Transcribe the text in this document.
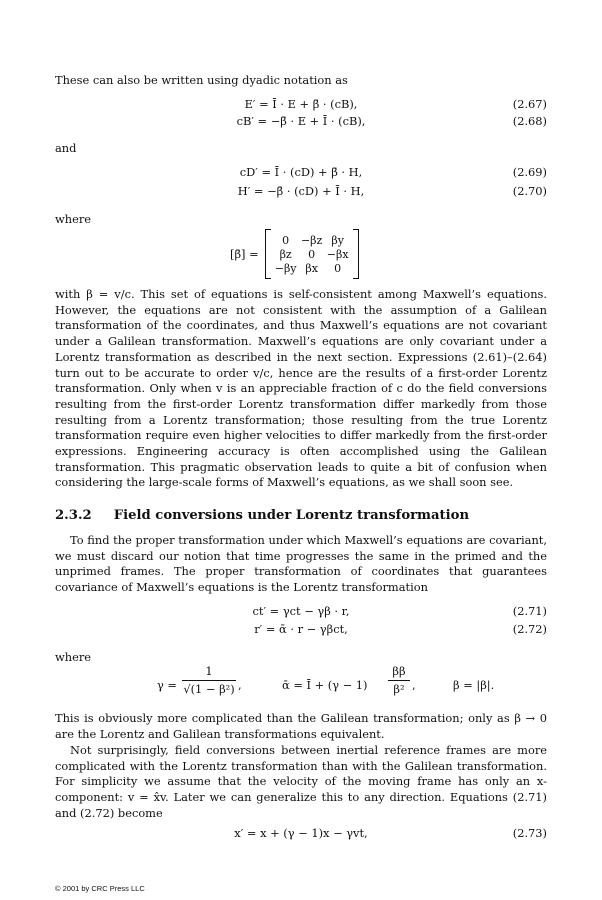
These can also be written using dyadic notation as

E′ = Ī · E + β̄ · (cB),	(2.67)
cB′ = −β̄ · E + Ī · (cB),	(2.68)

and

cD′ = Ī · (cD) + β̄ · H,	(2.69)
H′ = −β̄ · (cD) + Ī · H,	(2.70)

where

[β̄] =
0	−βz βy
βz	0	−βx
−βy βx	0

with β = v/c. This set of equations is self-consistent among Maxwell’s equations. However, the equations are not consistent with the assumption of a Galilean transformation of the coordinates, and thus Maxwell’s equations are not covariant under a Galilean transformation. Maxwell’s equations are only covariant under a Lorentz transformation as described in the next section. Expressions (2.61)–(2.64) turn out to be accurate to order v/c, hence are the results of a first-order Lorentz transformation. Only when v is an appreciable fraction of c do the field conversions resulting from the first-order Lorentz transformation differ markedly from those resulting from a Lorentz transformation; those resulting from the true Lorentz transformation require even higher velocities to differ markedly from the first-order expressions. Engineering accuracy is often accomplished using the Galilean transformation. This pragmatic observation leads to quite a bit of confusion when considering the large-scale forms of Maxwell’s equations, as we shall soon see.

2.3.2 Field conversions under Lorentz transformation

To find the proper transformation under which Maxwell’s equations are covariant, we must discard our notion that time progresses the same in the primed and the unprimed frames. The proper transformation of coordinates that guarantees covariance of Maxwell’s equations is the Lorentz transformation

ct′ = γct − γβ · r,	(2.71)
r′ = ᾱ · r − γβct,	(2.72)

where

γ =
1
√(1 − β²) ,	ᾱ = Ī + (γ − 1)
ββ
β² ,	β = |β|.

This is obviously more complicated than the Galilean transformation; only as β → 0 are the Lorentz and Galilean transformations equivalent.

Not surprisingly, field conversions between inertial reference frames are more complicated with the Lorentz transformation than with the Galilean transformation. For simplicity we assume that the velocity of the moving frame has only an x-component: v = x̂v. Later we can generalize this to any direction. Equations (2.71) and (2.72) become

x′ = x + (γ − 1)x − γvt,	(2.73)
© 2001 by CRC Press LLC
